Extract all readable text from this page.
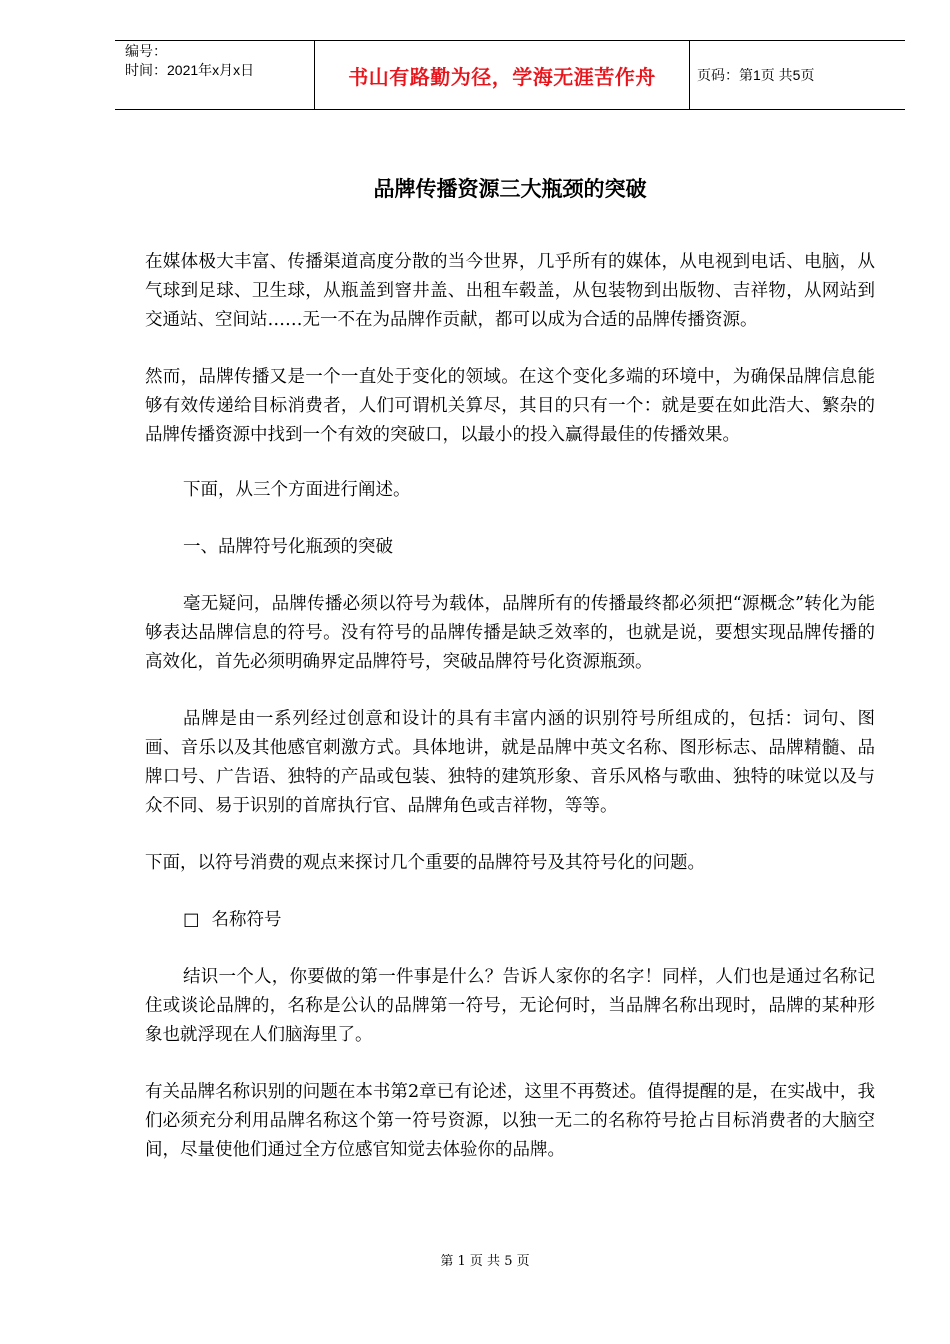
编号：
时间：2021年x月x日	书山有路勤为径，学海无涯苦作舟	页码：第1页 共5页
品牌传播资源三大瓶颈的突破

在媒体极大丰富、传播渠道高度分散的当今世界，几乎所有的媒体，从电视到电话、电脑，从气球到足球、卫生球，从瓶盖到窨井盖、出租车毂盖，从包装物到出版物、吉祥物，从网站到交通站、空间站……无一不在为品牌作贡献，都可以成为合适的品牌传播资源。

然而，品牌传播又是一个一直处于变化的领域。在这个变化多端的环境中，为确保品牌信息能够有效传递给目标消费者，人们可谓机关算尽，其目的只有一个：就是要在如此浩大、繁杂的品牌传播资源中找到一个有效的突破口，以最小的投入赢得最佳的传播效果。

下面，从三个方面进行阐述。

一、品牌符号化瓶颈的突破

毫无疑问，品牌传播必须以符号为载体，品牌所有的传播最终都必须把“源概念”转化为能够表达品牌信息的符号。没有符号的品牌传播是缺乏效率的，也就是说，要想实现品牌传播的高效化，首先必须明确界定品牌符号，突破品牌符号化资源瓶颈。

品牌是由一系列经过创意和设计的具有丰富内涵的识别符号所组成的，包括：词句、图画、音乐以及其他感官刺激方式。具体地讲，就是品牌中英文名称、图形标志、品牌精髓、品牌口号、广告语、独特的产品或包装、独特的建筑形象、音乐风格与歌曲、独特的味觉以及与众不同、易于识别的首席执行官、品牌角色或吉祥物，等等。

下面，以符号消费的观点来探讨几个重要的品牌符号及其符号化的问题。

□ 名称符号

结识一个人，你要做的第一件事是什么？告诉人家你的名字！同样，人们也是通过名称记住或谈论品牌的，名称是公认的品牌第一符号，无论何时，当品牌名称出现时，品牌的某种形象也就浮现在人们脑海里了。

有关品牌名称识别的问题在本书第2章已有论述，这里不再赘述。值得提醒的是，在实战中，我们必须充分利用品牌名称这个第一符号资源，以独一无二的名称符号抢占目标消费者的大脑空间，尽量使他们通过全方位感官知觉去体验你的品牌。

第 1 页 共 5 页
